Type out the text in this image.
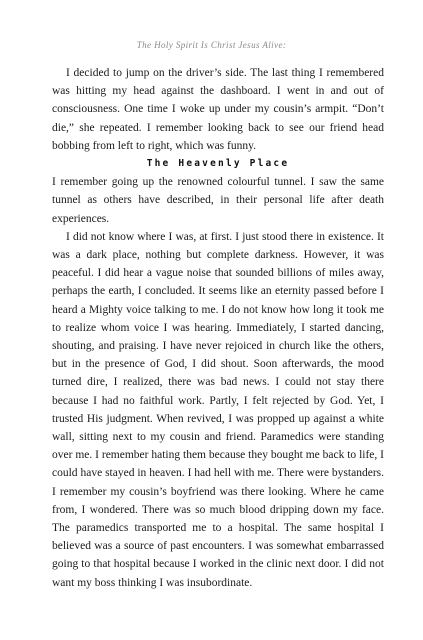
The Holy Spirit Is Christ Jesus Alive:

I decided to jump on the driver’s side. The last thing I remembered was hitting my head against the dashboard. I went in and out of consciousness. One time I woke up under my cousin’s armpit. “Don’t die,” she repeated. I remember looking back to see our friend head bobbing from left to right, which was funny.

The Heavenly Place

I remember going up the renowned colourful tunnel. I saw the same tunnel as others have described, in their personal life after death experiences.

I did not know where I was, at first. I just stood there in existence. It was a dark place, nothing but complete darkness. However, it was peaceful. I did hear a vague noise that sounded billions of miles away, perhaps the earth, I concluded. It seems like an eternity passed before I heard a Mighty voice talking to me. I do not know how long it took me to realize whom voice I was hearing. Immediately, I started dancing, shouting, and praising. I have never rejoiced in church like the others, but in the presence of God, I did shout. Soon afterwards, the mood turned dire, I realized, there was bad news. I could not stay there because I had no faithful work. Partly, I felt rejected by God. Yet, I trusted His judgment. When revived, I was propped up against a white wall, sitting next to my cousin and friend. Paramedics were standing over me. I remember hating them because they bought me back to life, I could have stayed in heaven. I had hell with me. There were bystanders. I remember my cousin’s boyfriend was there looking. Where he came from, I wondered. There was so much blood dripping down my face. The paramedics transported me to a hospital. The same hospital I believed was a source of past encounters. I was somewhat embarrassed going to that hospital because I worked in the clinic next door. I did not want my boss thinking I was insubordinate.
